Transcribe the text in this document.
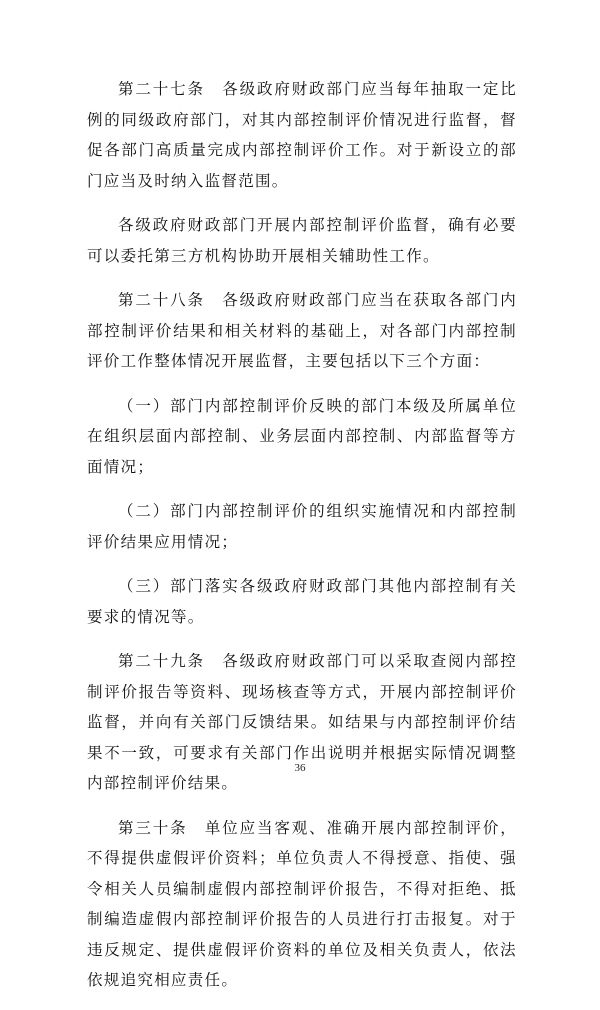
第二十七条　各级政府财政部门应当每年抽取一定比例的同级政府部门，对其内部控制评价情况进行监督，督促各部门高质量完成内部控制评价工作。对于新设立的部门应当及时纳入监督范围。

各级政府财政部门开展内部控制评价监督，确有必要可以委托第三方机构协助开展相关辅助性工作。

第二十八条　各级政府财政部门应当在获取各部门内部控制评价结果和相关材料的基础上，对各部门内部控制评价工作整体情况开展监督，主要包括以下三个方面：

（一）部门内部控制评价反映的部门本级及所属单位在组织层面内部控制、业务层面内部控制、内部监督等方面情况；

（二）部门内部控制评价的组织实施情况和内部控制评价结果应用情况；

（三）部门落实各级政府财政部门其他内部控制有关要求的情况等。

第二十九条　各级政府财政部门可以采取查阅内部控制评价报告等资料、现场核查等方式，开展内部控制评价监督，并向有关部门反馈结果。如结果与内部控制评价结果不一致，可要求有关部门作出说明并根据实际情况调整内部控制评价结果。

第三十条　单位应当客观、准确开展内部控制评价，不得提供虚假评价资料；单位负责人不得授意、指使、强令相关人员编制虚假内部控制评价报告，不得对拒绝、抵制编造虚假内部控制评价报告的人员进行打击报复。对于违反规定、提供虚假评价资料的单位及相关负责人，依法依规追究相应责任。

36
